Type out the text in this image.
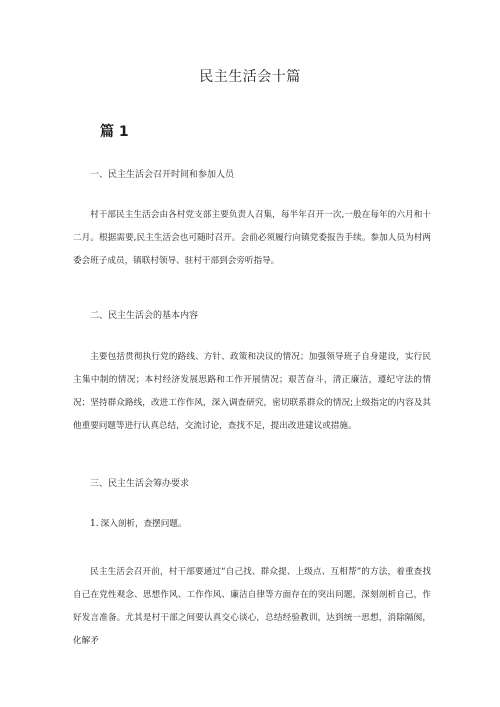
民主生活会十篇
篇 1
一、民主生活会召开时间和参加人员
村干部民主生活会由各村党支部主要负责人召集，每半年召开一次,一般在每年的六月和十二月。根据需要,民主生活会也可随时召开。会前必须履行向镇党委报告手续。参加人员为村两委会班子成员，镇联村领导、驻村干部到会旁听指导。
二、民主生活会的基本内容
主要包括贯彻执行党的路线、方针、政策和决议的情况；加强领导班子自身建设，实行民主集中制的情况；本村经济发展思路和工作开展情况；艰苦奋斗，清正廉洁，遵纪守法的情况；坚持群众路线，改进工作作风，深入调查研究，密切联系群众的情况;上级指定的内容及其他重要问题等进行认真总结，交流讨论，查找不足，提出改进建议或措施。
三、民主生活会筹办要求
1. 深入剖析，查摆问题。
民主生活会召开前，村干部要通过“自己找、群众提、上级点、互相帮”的方法，着重查找自己在党性观念、思想作风、工作作风、廉洁自律等方面存在的突出问题，深刻剖析自己，作好发言准备。尤其是村干部之间要认真交心谈心，总结经验教训，达到统一思想，消除隔阂，化解矛
